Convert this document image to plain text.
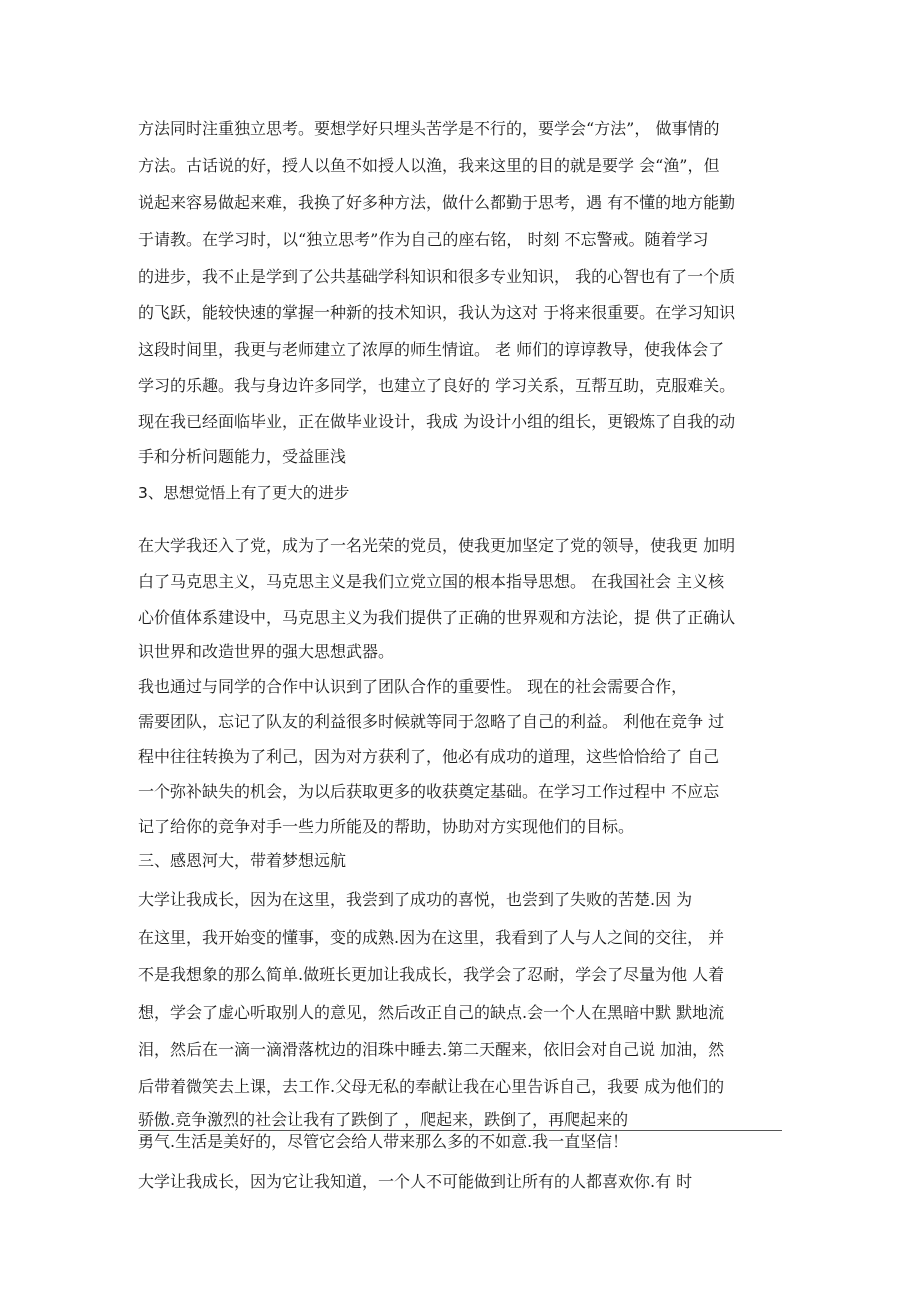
方法同时注重独立思考。要想学好只埋头苦学是不行的，要学会“方法”， 做事情的
方法。古话说的好，授人以鱼不如授人以渔，我来这里的目的就是要学 会“渔”，但
说起来容易做起来难，我换了好多种方法，做什么都勤于思考，遇 有不懂的地方能勤
于请教。在学习时，以“独立思考”作为自己的座右铭， 时刻 不忘警戒。随着学习
的进步，我不止是学到了公共基础学科知识和很多专业知识， 我的心智也有了一个质
的飞跃，能较快速的掌握一种新的技术知识，我认为这对 于将来很重要。在学习知识
这段时间里，我更与老师建立了浓厚的师生情谊。 老 师们的谆谆教导，使我体会了
学习的乐趣。我与身边许多同学，也建立了良好的 学习关系，互帮互助，克服难关。
现在我已经面临毕业，正在做毕业设计，我成 为设计小组的组长，更锻炼了自我的动
手和分析问题能力，受益匪浅
3、思想觉悟上有了更大的进步
在大学我还入了党，成为了一名光荣的党员，使我更加坚定了党的领导，使我更 加明
白了马克思主义，马克思主义是我们立党立国的根本指导思想。 在我国社会 主义核
心价值体系建设中，马克思主义为我们提供了正确的世界观和方法论，提 供了正确认
识世界和改造世界的强大思想武器。
我也通过与同学的合作中认识到了团队合作的重要性。 现在的社会需要合作，
需要团队，忘记了队友的利益很多时候就等同于忽略了自己的利益。 利他在竞争 过
程中往往转换为了利己，因为对方获利了，他必有成功的道理，这些恰恰给了 自己
一个弥补缺失的机会，为以后获取更多的收获奠定基础。在学习工作过程中 不应忘
记了给你的竞争对手一些力所能及的帮助，协助对方实现他们的目标。
三、感恩河大，带着梦想远航
大学让我成长，因为在这里，我尝到了成功的喜悦，也尝到了失败的苦楚.因 为
在这里，我开始变的懂事，变的成熟.因为在这里，我看到了人与人之间的交往， 并
不是我想象的那么简单.做班长更加让我成长，我学会了忍耐，学会了尽量为他 人着
想，学会了虚心听取别人的意见，然后改正自己的缺点.会一个人在黑暗中默 默地流
泪，然后在一滴一滴滑落枕边的泪珠中睡去.第二天醒来，依旧会对自己说 加油，然
后带着微笑去上课，去工作.父母无私的奉献让我在心里告诉自己，我要 成为他们的
骄傲.竞争激烈的社会让我有了跌倒了 ，爬起来，跌倒了，再爬起来的
勇气.生活是美好的，尽管它会给人带来那么多的不如意.我一直坚信！
大学让我成长，因为它让我知道，一个人不可能做到让所有的人都喜欢你.有 时
